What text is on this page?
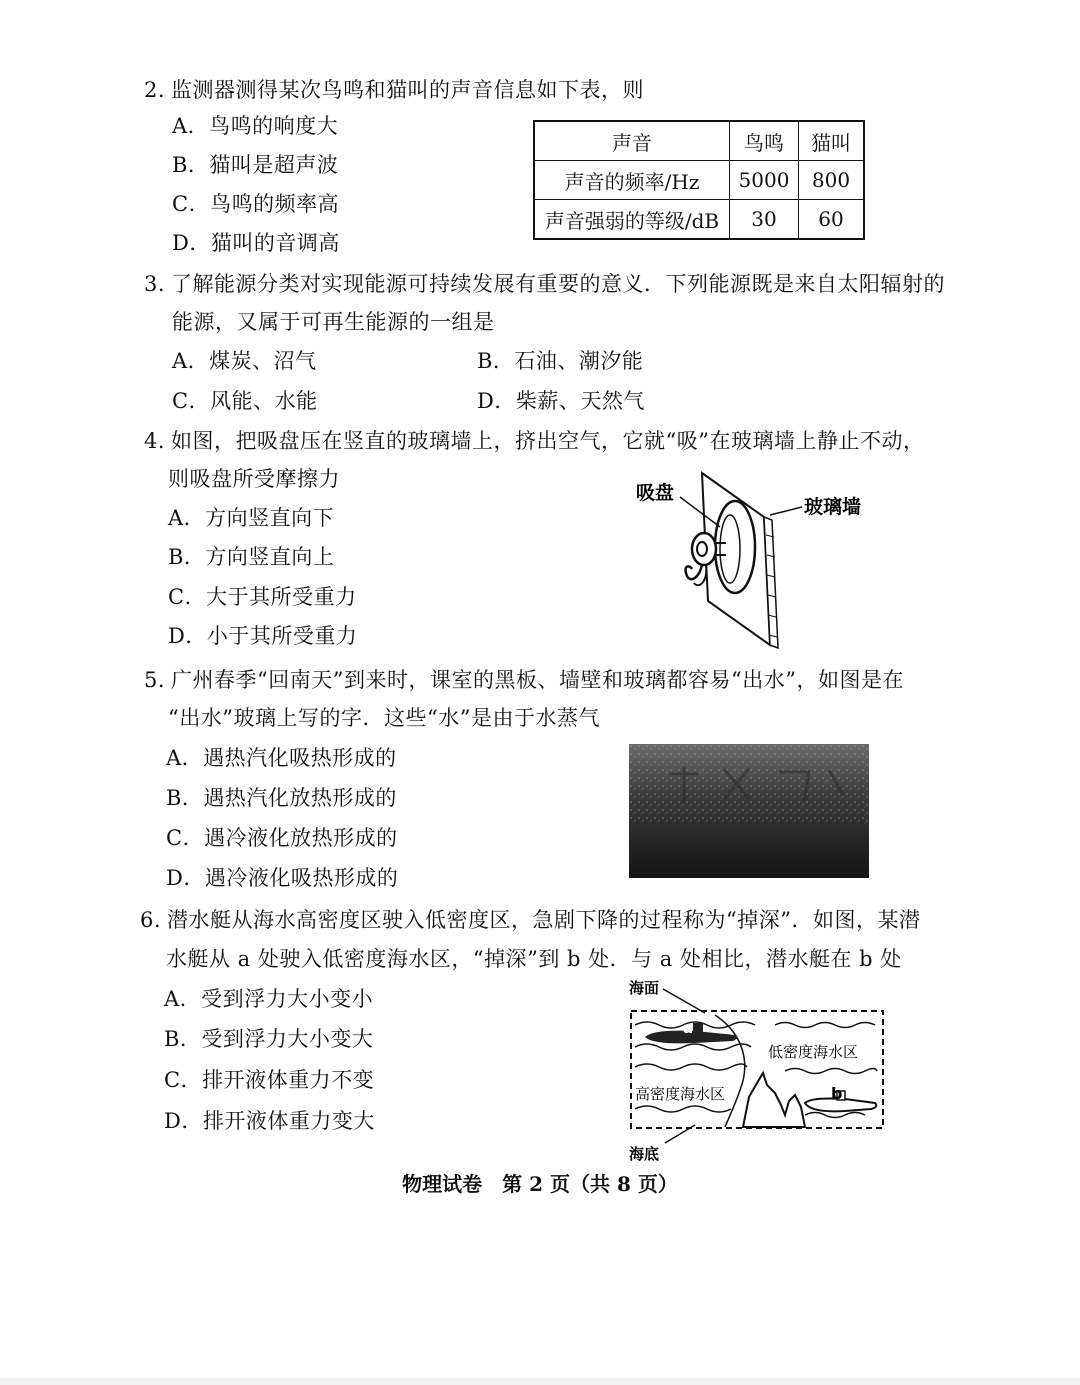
2. 监测器测得某次鸟鸣和猫叫的声音信息如下表，则
A．鸟鸣的响度大
B．猫叫是超声波
C．鸟鸣的频率高
D．猫叫的音调高
声音	鸟鸣	猫叫
声音的频率/Hz	5000	800
声音强弱的等级/dB	30	60
3. 了解能源分类对实现能源可持续发展有重要的意义．下列能源既是来自太阳辐射的
能源，又属于可再生能源的一组是
A．煤炭、沼气	B．石油、潮汐能
C．风能、水能	D．柴薪、天然气
4. 如图，把吸盘压在竖直的玻璃墙上，挤出空气，它就“吸”在玻璃墙上静止不动，
则吸盘所受摩擦力
A．方向竖直向下
B．方向竖直向上
C．大于其所受重力
D．小于其所受重力
吸盘
玻璃墙
5. 广州春季“回南天”到来时，课室的黑板、墙壁和玻璃都容易“出水”，如图是在
“出水”玻璃上写的字．这些“水”是由于水蒸气
A．遇热汽化吸热形成的
B．遇热汽化放热形成的
C．遇冷液化放热形成的
D．遇冷液化吸热形成的
6. 潜水艇从海水高密度区驶入低密度区，急剧下降的过程称为“掉深”．如图，某潜
水艇从 a 处驶入低密度海水区，“掉深”到 b 处．与 a 处相比，潜水艇在 b 处
A．受到浮力大小变小
B．受到浮力大小变大
C．排开液体重力不变
D．排开液体重力变大
a
b
海面
低密度海水区
高密度海水区
海底
物理试卷　第 2 页（共 8 页）
